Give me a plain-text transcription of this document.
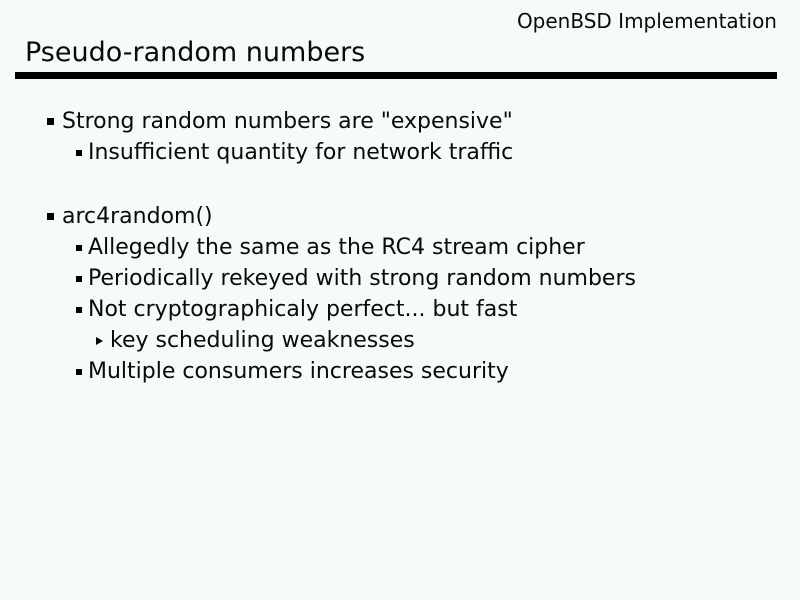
OpenBSD Implementation
Pseudo-random numbers
Strong random numbers are "expensive"
Insufficient quantity for network traffic
arc4random()
Allegedly the same as the RC4 stream cipher
Periodically rekeyed with strong random numbers
Not cryptographicaly perfect... but fast
key scheduling weaknesses
Multiple consumers increases security
